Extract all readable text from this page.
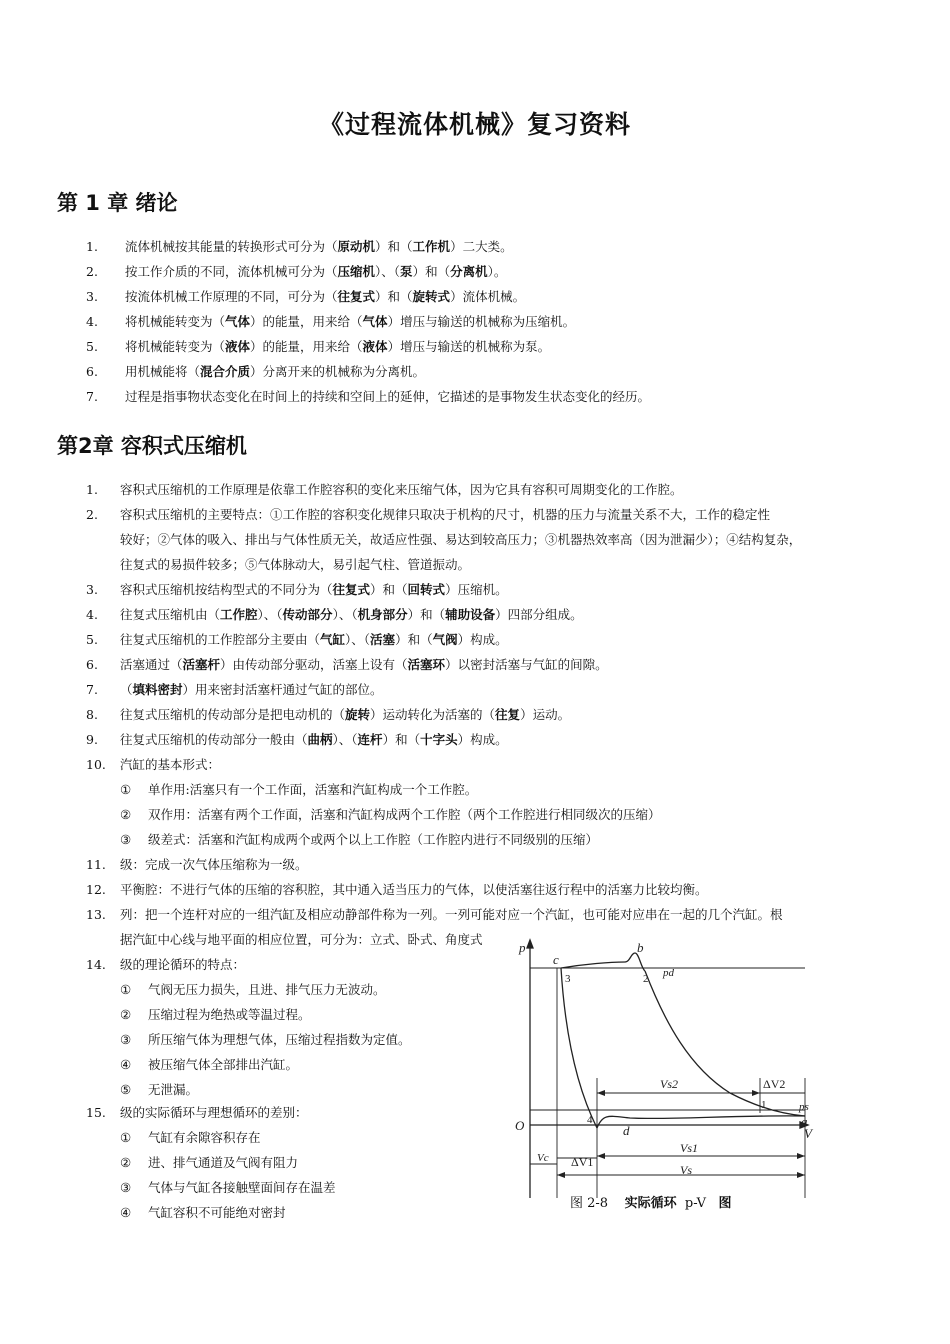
《过程流体机械》复习资料
第 1 章 绪论
1. 流体机械按其能量的转换形式可分为（原动机）和（工作机）二大类。
2. 按工作介质的不同，流体机械可分为（压缩机）、（泵）和（分离机）。
3. 按流体机械工作原理的不同，可分为（往复式）和（旋转式）流体机械。
4. 将机械能转变为（气体）的能量，用来给（气体）增压与输送的机械称为压缩机。
5. 将机械能转变为（液体）的能量，用来给（液体）增压与输送的机械称为泵。
6. 用机械能将（混合介质）分离开来的机械称为分离机。
7. 过程是指事物状态变化在时间上的持续和空间上的延伸，它描述的是事物发生状态变化的经历。
第2章 容积式压缩机
1. 容积式压缩机的工作原理是依靠工作腔容积的变化来压缩气体，因为它具有容积可周期变化的工作腔。
2. 容积式压缩机的主要特点：①工作腔的容积变化规律只取决于机构的尺寸，机器的压力与流量关系不大，工作的稳定性
较好；②气体的吸入、排出与气体性质无关，故适应性强、易达到较高压力；③机器热效率高（因为泄漏少）；④结构复杂，
往复式的易损件较多；⑤气体脉动大，易引起气柱、管道振动。
3. 容积式压缩机按结构型式的不同分为（往复式）和（回转式）压缩机。
4. 往复式压缩机由（工作腔）、（传动部分）、（机身部分）和（辅助设备）四部分组成。
5. 往复式压缩机的工作腔部分主要由（气缸）、（活塞）和（气阀）构成。
6. 活塞通过（活塞杆）由传动部分驱动，活塞上设有（活塞环）以密封活塞与气缸的间隙。
7. （填料密封）用来密封活塞杆通过气缸的部位。
8. 往复式压缩机的传动部分是把电动机的（旋转）运动转化为活塞的（往复）运动。
9. 往复式压缩机的传动部分一般由（曲柄）、（连杆）和（十字头）构成。
10. 汽缸的基本形式：
11. 级：完成一次气体压缩称为一级。
12. 平衡腔：不进行气体的压缩的容积腔，其中通入适当压力的气体，以使活塞往返行程中的活塞力比较均衡。
13. 列：把一个连杆对应的一组汽缸及相应动静部件称为一列。一列可能对应一个汽缸，也可能对应串在一起的几个汽缸。根
据汽缸中心线与地平面的相应位置，可分为：立式、卧式、角度式
14. 级的理论循环的特点：
15. 级的实际循环与理想循环的差别：
① 单作用:活塞只有一个工作面，活塞和汽缸构成一个工作腔。
② 双作用：活塞有两个工作面，活塞和汽缸构成两个工作腔（两个工作腔进行相同级次的压缩）
③ 级差式：活塞和汽缸构成两个或两个以上工作腔（工作腔内进行不同级别的压缩）
① 气阀无压力损失，且进、排气压力无波动。
② 压缩过程为绝热或等温过程。
③ 所压缩气体为理想气体，压缩过程指数为定值。
④ 被压缩气体全部排出汽缸。
⑤ 无泄漏。
① 气缸有余隙容积存在
② 进、排气通道及气阀有阻力
③ 气体与气缸各接触壁面间存在温差
④ 气缸容积不可能绝对密封
p
V
O
c
b
3	2 pd
4
d
1	ps
a
Vs2	ΔV2
Vc ΔV1
Vs1
Vs
图 2-8 实际循环 p-V 图
